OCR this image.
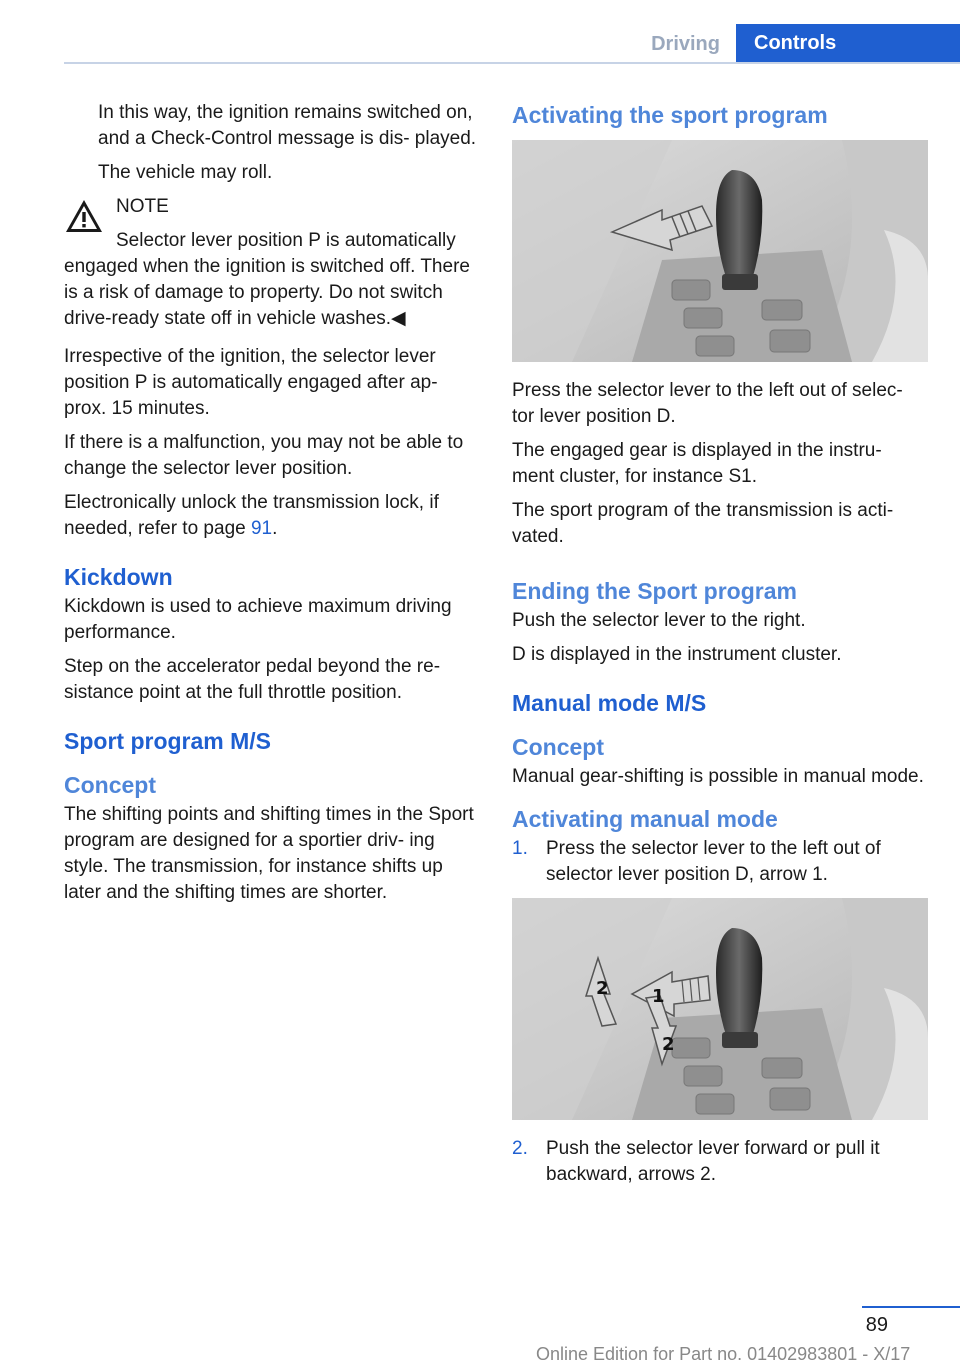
Driving	Controls

In this way, the ignition remains switched on, and a Check-Control message is dis‐ played.

The vehicle may roll.

NOTE

Selector lever position P is automatically engaged when the ignition is switched off. There is a risk of damage to property. Do not switch drive-ready state off in vehicle washes.◀

Irrespective of the ignition, the selector lever position P is automatically engaged after ap‐ prox. 15 minutes.

If there is a malfunction, you may not be able to change the selector lever position.

Electronically unlock the transmission lock, if needed, refer to page 91.

Kickdown

Kickdown is used to achieve maximum driving performance.

Step on the accelerator pedal beyond the re‐ sistance point at the full throttle position.

Sport program M/S
Concept

The shifting points and shifting times in the Sport program are designed for a sportier driv‐ ing style. The transmission, for instance shifts up later and the shifting times are shorter.

Activating the sport program

Press the selector lever to the left out of selec‐ tor lever position D.

The engaged gear is displayed in the instru‐ ment cluster, for instance S1.

The sport program of the transmission is acti‐ vated.

Ending the Sport program

Push the selector lever to the right.

D is displayed in the instrument cluster.

Manual mode M/S
Concept

Manual gear-shifting is possible in manual mode.

Activating manual mode
1. Press the selector lever to the left out of selector lever position D, arrow 1.
1
2
2
2. Push the selector lever forward or pull it backward, arrows 2.
89
Online Edition for Part no. 01402983801 - X/17
